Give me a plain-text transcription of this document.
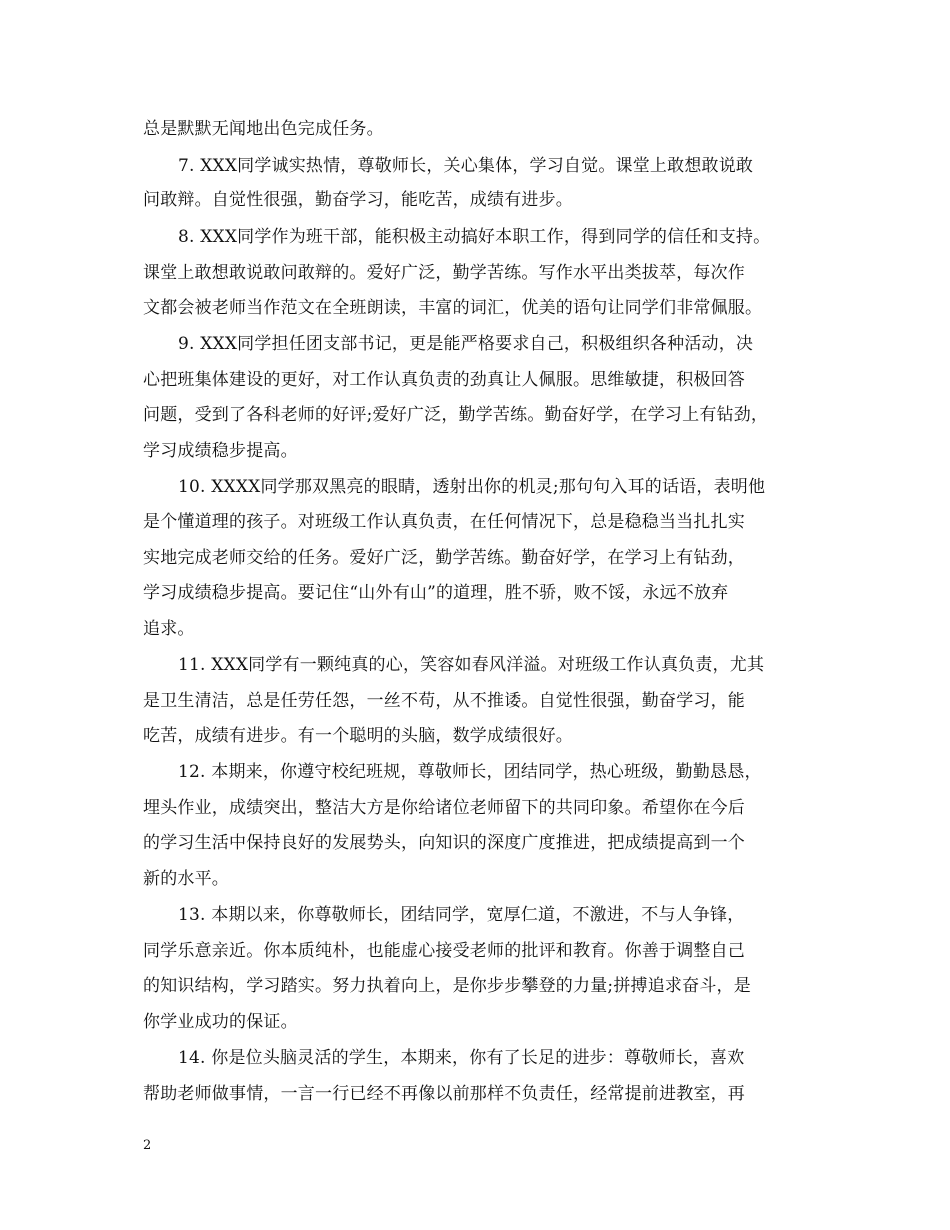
总是默默无闻地出色完成任务。
7. XXX同学诚实热情，尊敬师长，关心集体，学习自觉。课堂上敢想敢说敢
问敢辩。自觉性很强，勤奋学习，能吃苦，成绩有进步。
8. XXX同学作为班干部，能积极主动搞好本职工作，得到同学的信任和支持。
课堂上敢想敢说敢问敢辩的。爱好广泛，勤学苦练。写作水平出类拔萃，每次作
文都会被老师当作范文在全班朗读，丰富的词汇，优美的语句让同学们非常佩服。
9. XXX同学担任团支部书记，更是能严格要求自己，积极组织各种活动，决
心把班集体建设的更好，对工作认真负责的劲真让人佩服。思维敏捷，积极回答
问题，受到了各科老师的好评;爱好广泛，勤学苦练。勤奋好学，在学习上有钻劲，
学习成绩稳步提高。
10. XXXX同学那双黑亮的眼睛，透射出你的机灵;那句句入耳的话语，表明他
是个懂道理的孩子。对班级工作认真负责，在任何情况下，总是稳稳当当扎扎实
实地完成老师交给的任务。爱好广泛，勤学苦练。勤奋好学，在学习上有钻劲，
学习成绩稳步提高。要记住“山外有山”的道理，胜不骄，败不馁，永远不放弃
追求。
11. XXX同学有一颗纯真的心，笑容如春风洋溢。对班级工作认真负责，尤其
是卫生清洁，总是任劳任怨，一丝不苟，从不推诿。自觉性很强，勤奋学习，能
吃苦，成绩有进步。有一个聪明的头脑，数学成绩很好。
12. 本期来，你遵守校纪班规，尊敬师长，团结同学，热心班级，勤勤恳恳，
埋头作业，成绩突出，整洁大方是你给诸位老师留下的共同印象。希望你在今后
的学习生活中保持良好的发展势头，向知识的深度广度推进，把成绩提高到一个
新的水平。
13. 本期以来，你尊敬师长，团结同学，宽厚仁道，不激进，不与人争锋，
同学乐意亲近。你本质纯朴，也能虚心接受老师的批评和教育。你善于调整自己
的知识结构，学习踏实。努力执着向上，是你步步攀登的力量;拼搏追求奋斗，是
你学业成功的保证。
14. 你是位头脑灵活的学生，本期来，你有了长足的进步：尊敬师长，喜欢
帮助老师做事情，一言一行已经不再像以前那样不负责任，经常提前进教室，再
2
